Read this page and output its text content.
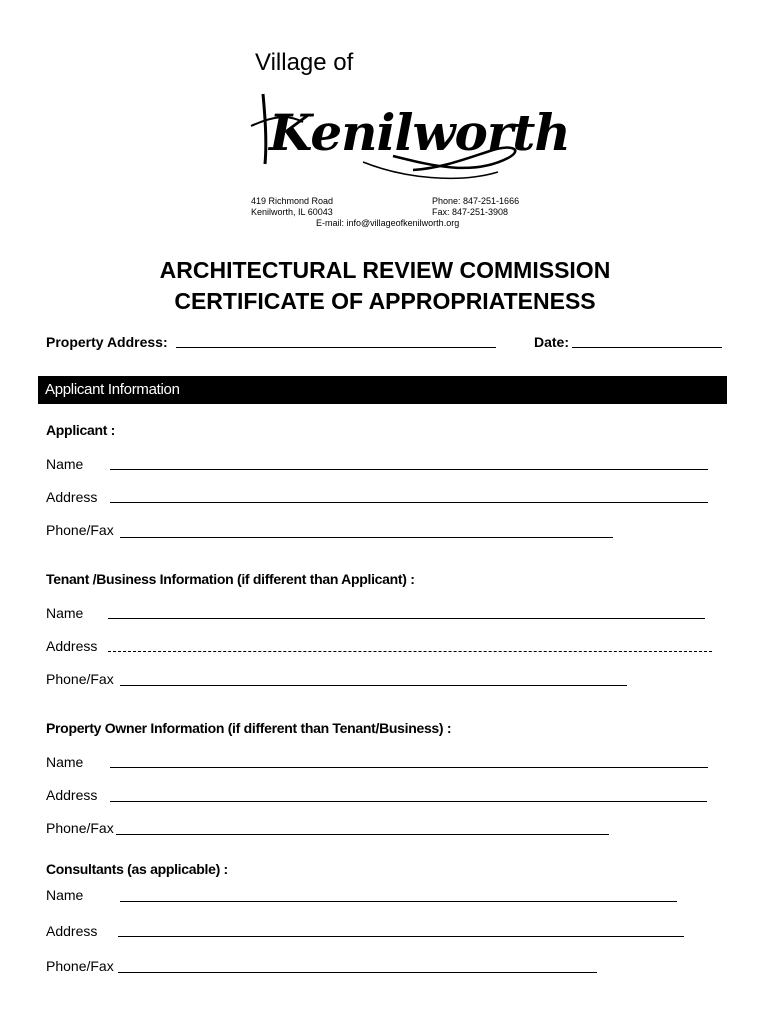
Village of
Kenilworth
419 Richmond Road
Kenilworth, IL 60043
Phone: 847-251-1666
Fax: 847-251-3908
E-mail: info@villageofkenilworth.org
ARCHITECTURAL REVIEW COMMISSION
CERTIFICATE OF APPROPRIATENESS
Property Address:	Date:
Applicant Information
Applicant :
Name
Address
Phone/Fax
Tenant /Business Information (if different than Applicant) :
Name
Address
Phone/Fax
Property Owner Information (if different than Tenant/Business) :
Name
Address
Phone/Fax
Consultants (as applicable) :
Name
Address
Phone/Fax
